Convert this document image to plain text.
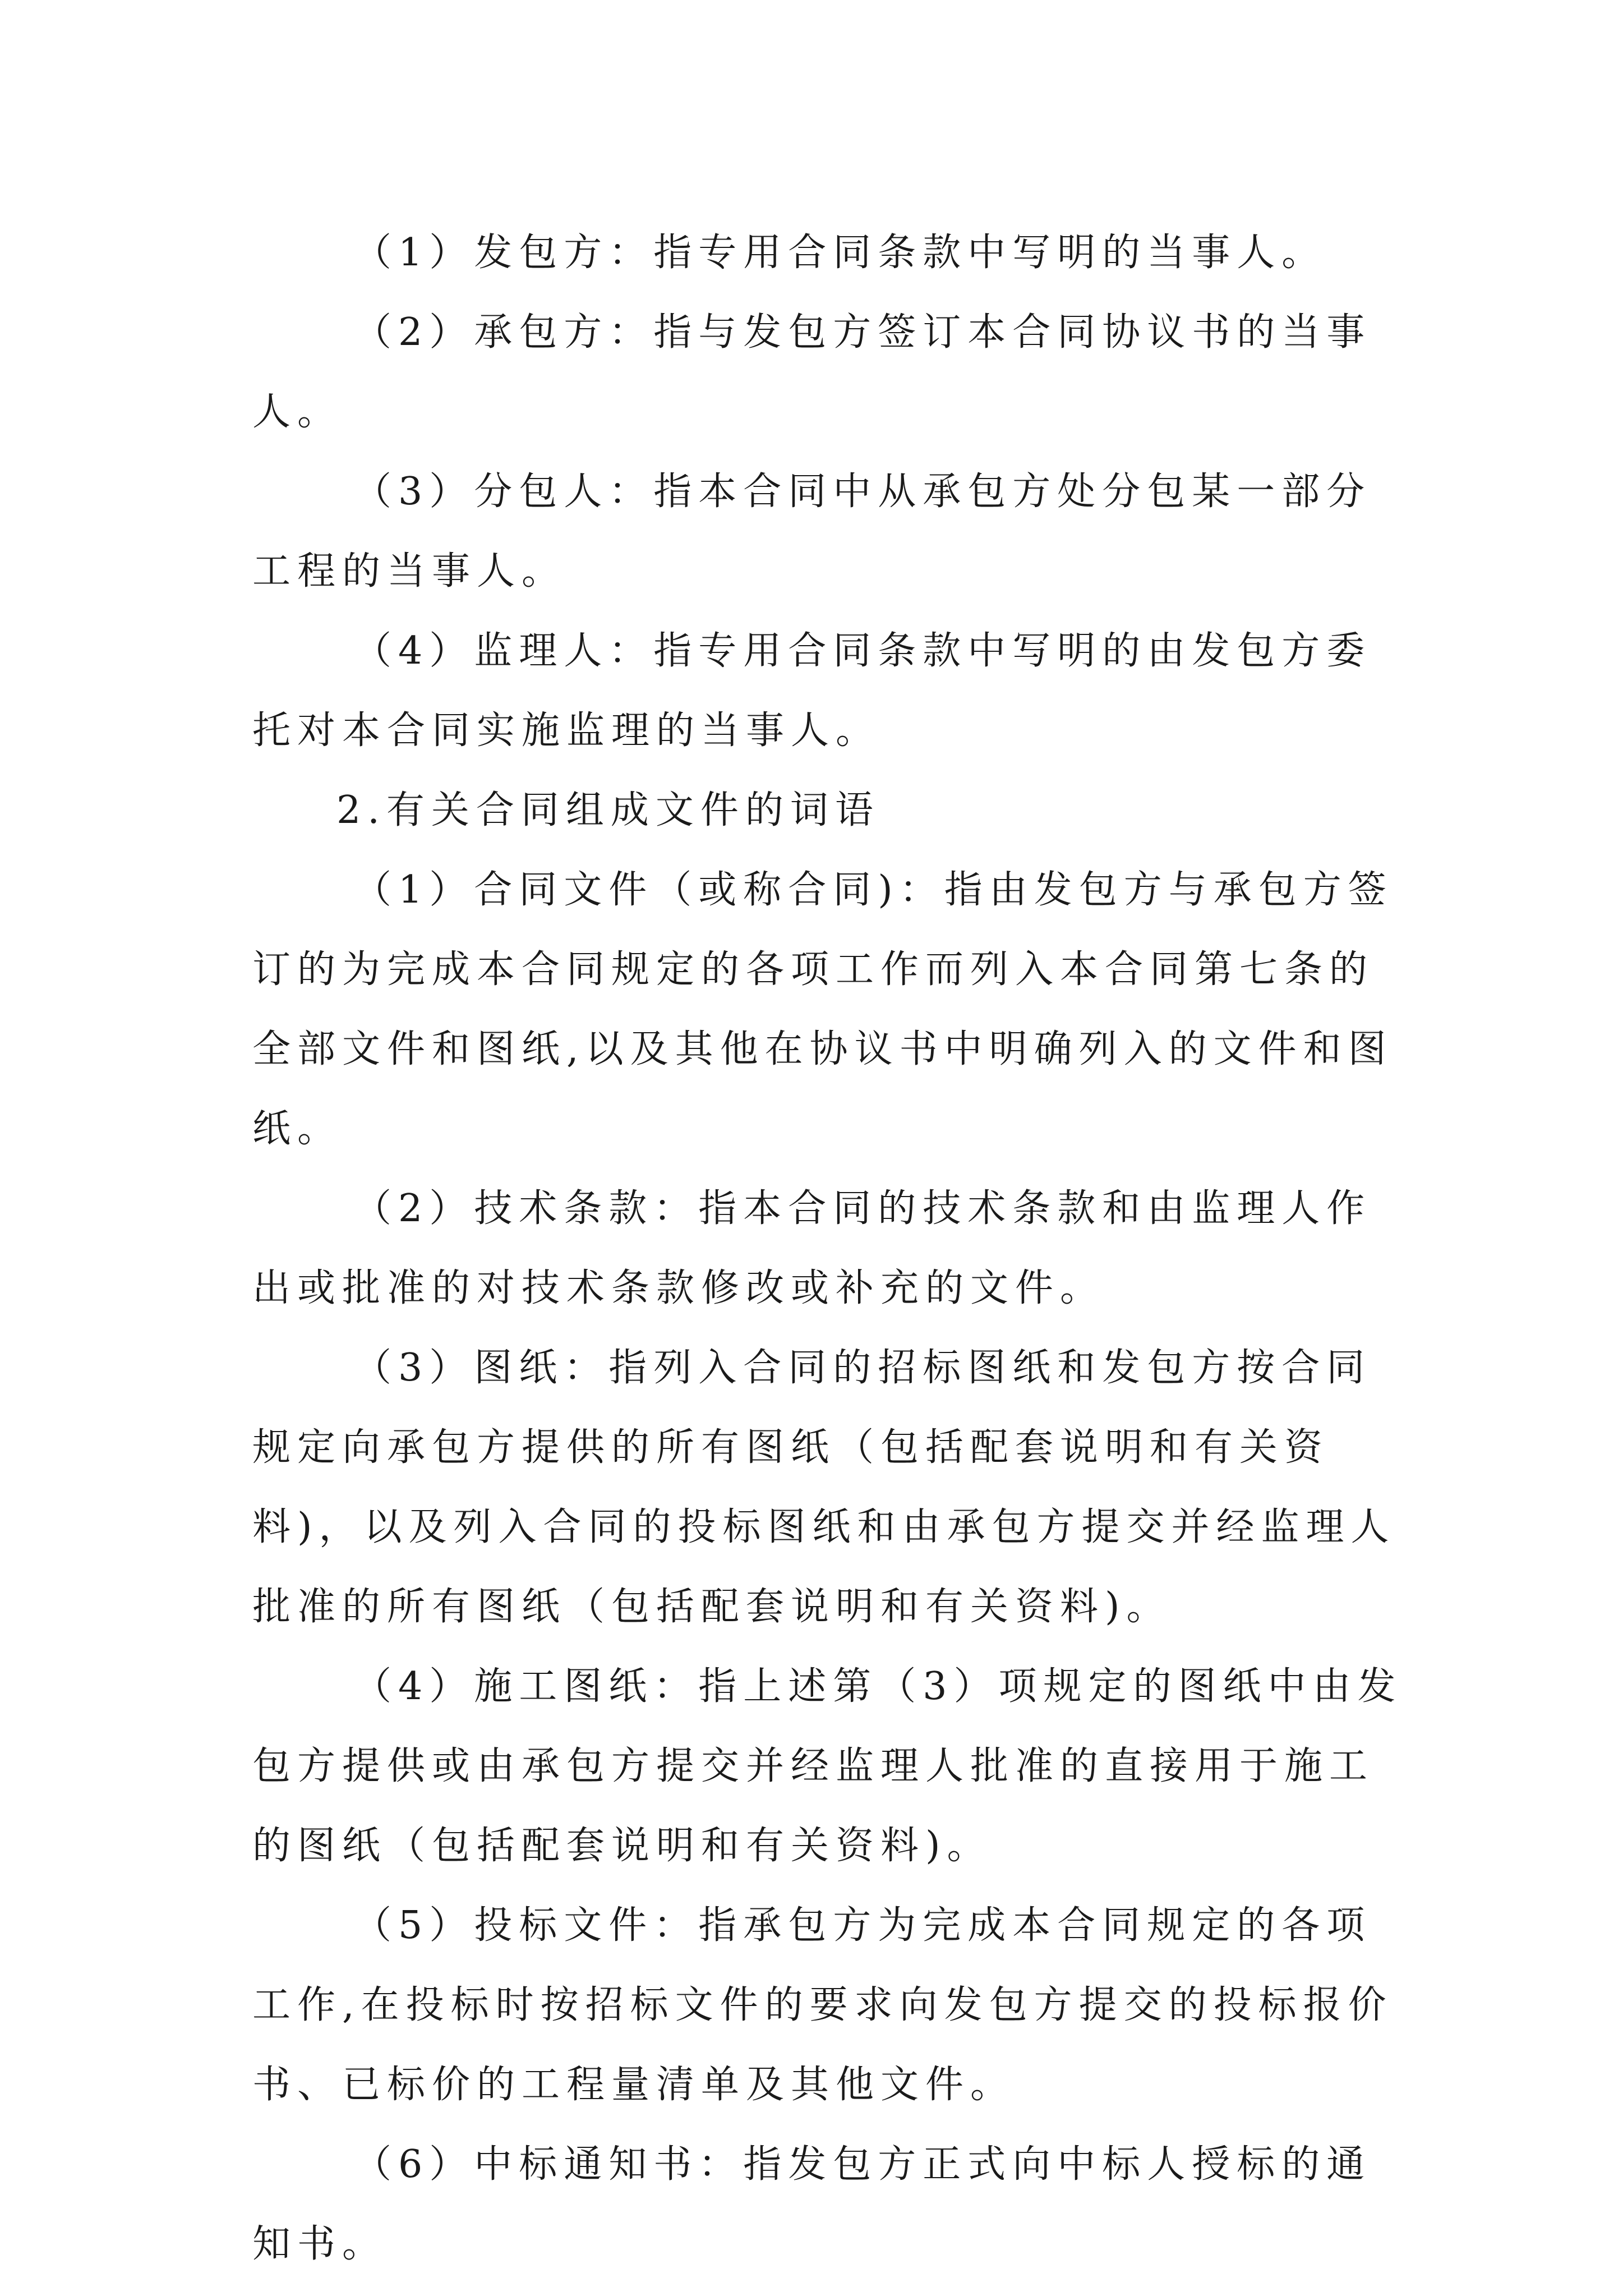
（1）发包方：指专用合同条款中写明的当事人。

（2）承包方：指与发包方签订本合同协议书的当事人。

（3）分包人：指本合同中从承包方处分包某一部分工程的当事人。

（4）监理人：指专用合同条款中写明的由发包方委托对本合同实施监理的当事人。

2.有关合同组成文件的词语

（1）合同文件（或称合同)：指由发包方与承包方签订的为完成本合同规定的各项工作而列入本合同第七条的全部文件和图纸,以及其他在协议书中明确列入的文件和图纸。

（2）技术条款：指本合同的技术条款和由监理人作出或批准的对技术条款修改或补充的文件。

（3）图纸：指列入合同的招标图纸和发包方按合同规定向承包方提供的所有图纸（包括配套说明和有关资料)，以及列入合同的投标图纸和由承包方提交并经监理人批准的所有图纸（包括配套说明和有关资料)。

（4）施工图纸：指上述第（3）项规定的图纸中由发包方提供或由承包方提交并经监理人批准的直接用于施工的图纸（包括配套说明和有关资料)。

（5）投标文件：指承包方为完成本合同规定的各项工作,在投标时按招标文件的要求向发包方提交的投标报价书、已标价的工程量清单及其他文件。

（6）中标通知书：指发包方正式向中标人授标的通知书。
